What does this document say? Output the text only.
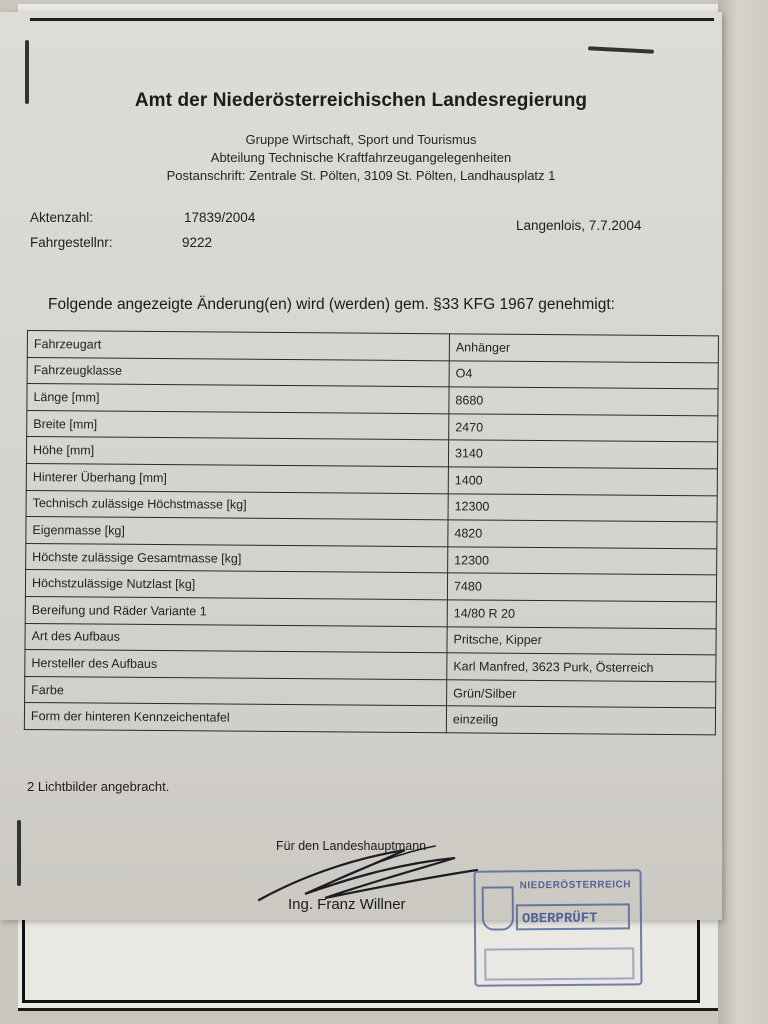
Amt der Niederösterreichischen Landesregierung
Gruppe Wirtschaft, Sport und Tourismus
Abteilung Technische Kraftfahrzeugangelegenheiten
Postanschrift: Zentrale St. Pölten, 3109 St. Pölten, Landhausplatz 1
Aktenzahl:	17839/2004
Fahrgestellnr:	9222
Langenlois, 7.7.2004
Folgende angezeigte Änderung(en) wird (werden) gem. §33 KFG 1967 genehmigt:
Fahrzeugart	Anhänger
Fahrzeugklasse	O4
Länge [mm]	8680
Breite [mm]	2470
Höhe [mm]	3140
Hinterer Überhang [mm]	1400
Technisch zulässige Höchstmasse [kg]	12300
Eigenmasse [kg]	4820
Höchste zulässige Gesamtmasse [kg]	12300
Höchstzulässige Nutzlast [kg]	7480
Bereifung und Räder Variante 1	14/80 R 20
Art des Aufbaus	Pritsche, Kipper
Hersteller des Aufbaus	Karl Manfred, 3623 Purk, Österreich
Farbe	Grün/Silber
Form der hinteren Kennzeichentafel	einzeilig
2 Lichtbilder angebracht.
Für den Landeshauptmann
Ing. Franz Willner
NIEDERÖSTERREICH
OBERPRÜFT
